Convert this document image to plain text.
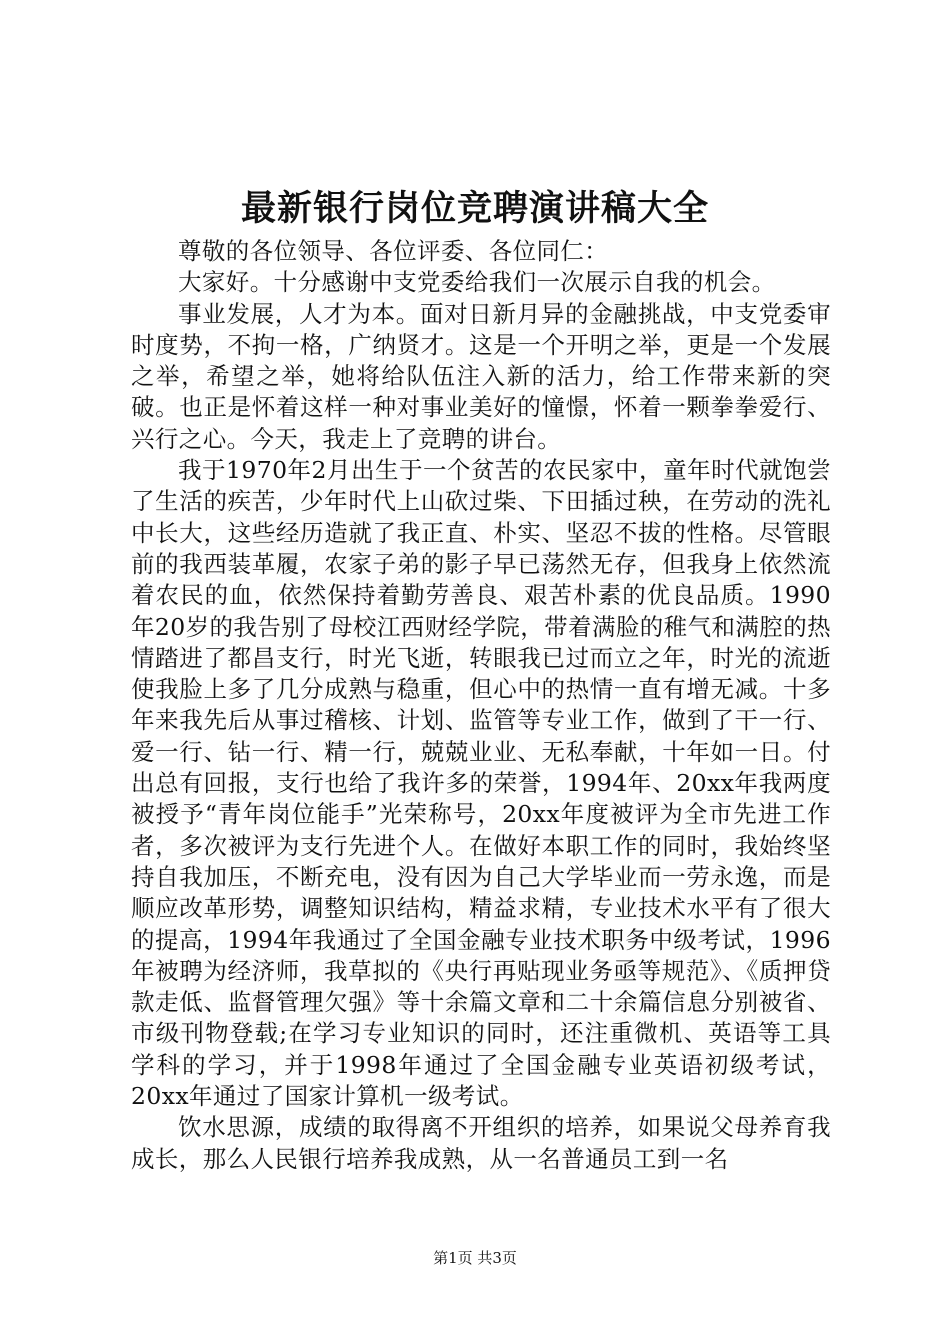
最新银行岗位竞聘演讲稿大全

尊敬的各位领导、各位评委、各位同仁：

大家好。十分感谢中支党委给我们一次展示自我的机会。

事业发展，人才为本。面对日新月异的金融挑战，中支党委审时度势，不拘一格，广纳贤才。这是一个开明之举，更是一个发展之举，希望之举，她将给队伍注入新的活力，给工作带来新的突破。也正是怀着这样一种对事业美好的憧憬，怀着一颗拳拳爱行、兴行之心。今天，我走上了竞聘的讲台。

我于1970年2月出生于一个贫苦的农民家中，童年时代就饱尝了生活的疾苦，少年时代上山砍过柴、下田插过秧，在劳动的洗礼中长大，这些经历造就了我正直、朴实、坚忍不拔的性格。尽管眼前的我西装革履，农家子弟的影子早已荡然无存，但我身上依然流着农民的血，依然保持着勤劳善良、艰苦朴素的优良品质。1990年20岁的我告别了母校江西财经学院，带着满脸的稚气和满腔的热情踏进了都昌支行，时光飞逝，转眼我已过而立之年，时光的流逝使我脸上多了几分成熟与稳重，但心中的热情一直有增无减。十多年来我先后从事过稽核、计划、监管等专业工作，做到了干一行、爱一行、钻一行、精一行，兢兢业业、无私奉献，十年如一日。付出总有回报，支行也给了我许多的荣誉，1994年、20xx年我两度被授予“青年岗位能手”光荣称号，20xx年度被评为全市先进工作者，多次被评为支行先进个人。在做好本职工作的同时，我始终坚持自我加压，不断充电，没有因为自己大学毕业而一劳永逸，而是顺应改革形势，调整知识结构，精益求精，专业技术水平有了很大的提高，1994年我通过了全国金融专业技术职务中级考试，1996年被聘为经济师，我草拟的《央行再贴现业务亟等规范》、《质押贷款走低、监督管理欠强》等十余篇文章和二十余篇信息分别被省、市级刊物登载;在学习专业知识的同时，还注重微机、英语等工具学科的学习，并于1998年通过了全国金融专业英语初级考试，20xx年通过了国家计算机一级考试。

饮水思源，成绩的取得离不开组织的培养，如果说父母养育我成长，那么人民银行培养我成熟，从一名普通员工到一名

第1页 共3页
